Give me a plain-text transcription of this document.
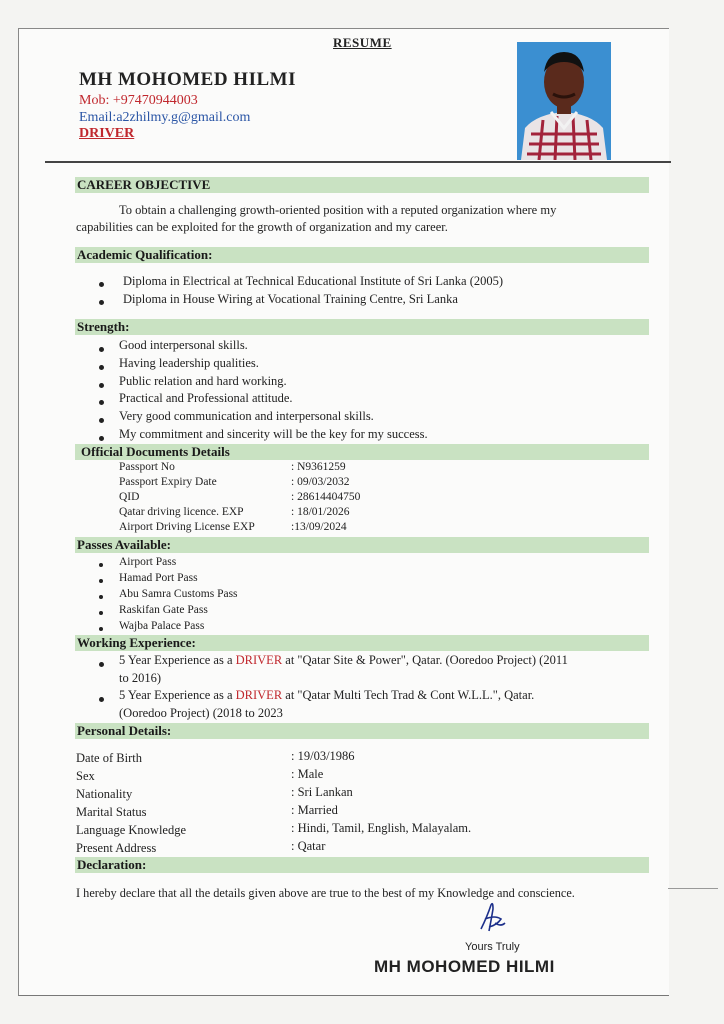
RESUME
MH MOHOMED HILMI
Mob: +97470944003
Email:a2zhilmy.g@gmail.com
DRIVER
CAREER OBJECTIVE
To obtain a challenging growth-oriented position with a reputed organization where my
capabilities can be exploited for the growth of organization and my career.
Academic Qualification:
Diploma in Electrical at Technical Educational Institute of Sri Lanka (2005)
Diploma in House Wiring at Vocational Training Centre, Sri Lanka
Strength:
Good interpersonal skills.
Having leadership qualities.
Public relation and hard working.
Practical and Professional attitude.
Very good communication and interpersonal skills.
My commitment and sincerity will be the key for my success.
Official Documents Details
Passport No	: N9361259
Passport Expiry Date	: 09/03/2032
QID	: 28614404750
Qatar driving licence. EXP	: 18/01/2026
Airport Driving License EXP	:13/09/2024
Passes Available:
Airport Pass
Hamad Port Pass
Abu Samra Customs Pass
Raskifan Gate Pass
Wajba Palace Pass
Working Experience:
5 Year Experience as a DRIVER at "Qatar Site & Power", Qatar. (Ooredoo Project) (2011
to 2016)
5 Year Experience as a DRIVER at "Qatar Multi Tech Trad & Cont W.L.L.", Qatar.
(Ooredoo Project) (2018 to 2023
Personal Details:
Date of Birth	: 19/03/1986
Sex	: Male
Nationality	: Sri Lankan
Marital Status	: Married
Language Knowledge	: Hindi, Tamil, English, Malayalam.
Present Address	: Qatar
Declaration:
I hereby declare that all the details given above are true to the best of my Knowledge and conscience.
Yours Truly
MH MOHOMED HILMI
